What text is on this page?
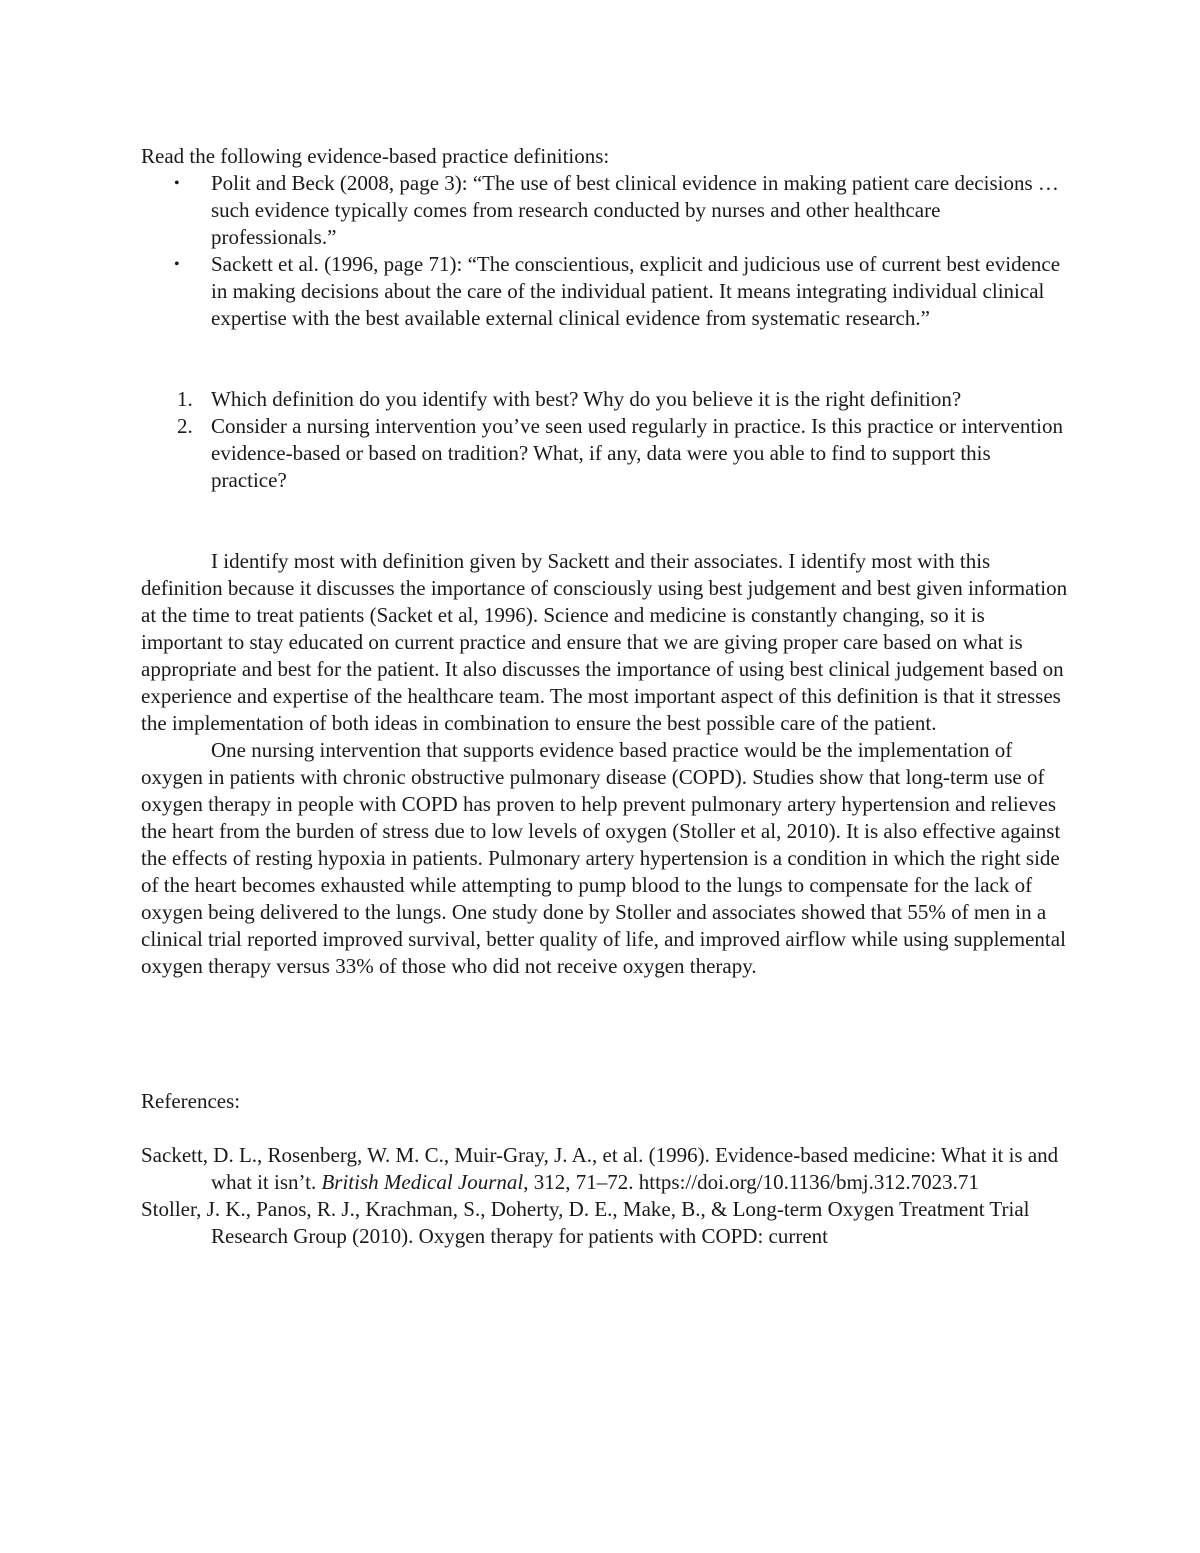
Read the following evidence-based practice definitions:

• Polit and Beck (2008, page 3): “The use of best clinical evidence in making patient care decisions … such evidence typically comes from research conducted by nurses and other healthcare professionals.”
• Sackett et al. (1996, page 71): “The conscientious, explicit and judicious use of current best evidence in making decisions about the care of the individual patient. It means integrating individual clinical expertise with the best available external clinical evidence from systematic research.”
1. Which definition do you identify with best? Why do you believe it is the right definition?
2. Consider a nursing intervention you’ve seen used regularly in practice. Is this practice or intervention evidence-based or based on tradition? What, if any, data were you able to find to support this practice?

I identify most with definition given by Sackett and their associates. I identify most with this definition because it discusses the importance of consciously using best judgement and best given information at the time to treat patients (Sacket et al, 1996). Science and medicine is constantly changing, so it is important to stay educated on current practice and ensure that we are giving proper care based on what is appropriate and best for the patient. It also discusses the importance of using best clinical judgement based on experience and expertise of the healthcare team. The most important aspect of this definition is that it stresses the implementation of both ideas in combination to ensure the best possible care of the patient.

One nursing intervention that supports evidence based practice would be the implementation of oxygen in patients with chronic obstructive pulmonary disease (COPD). Studies show that long-term use of oxygen therapy in people with COPD has proven to help prevent pulmonary artery hypertension and relieves the heart from the burden of stress due to low levels of oxygen (Stoller et al, 2010). It is also effective against the effects of resting hypoxia in patients. Pulmonary artery hypertension is a condition in which the right side of the heart becomes exhausted while attempting to pump blood to the lungs to compensate for the lack of oxygen being delivered to the lungs. One study done by Stoller and associates showed that 55% of men in a clinical trial reported improved survival, better quality of life, and improved airflow while using supplemental oxygen therapy versus 33% of those who did not receive oxygen therapy.

References:

Sackett, D. L., Rosenberg, W. M. C., Muir-Gray, J. A., et al. (1996). Evidence-based medicine: What it is and what it isn’t. British Medical Journal, 312, 71–72. https://doi.org/10.1136/bmj.312.7023.71

Stoller, J. K., Panos, R. J., Krachman, S., Doherty, D. E., Make, B., & Long-term Oxygen Treatment Trial Research Group (2010). Oxygen therapy for patients with COPD: current
